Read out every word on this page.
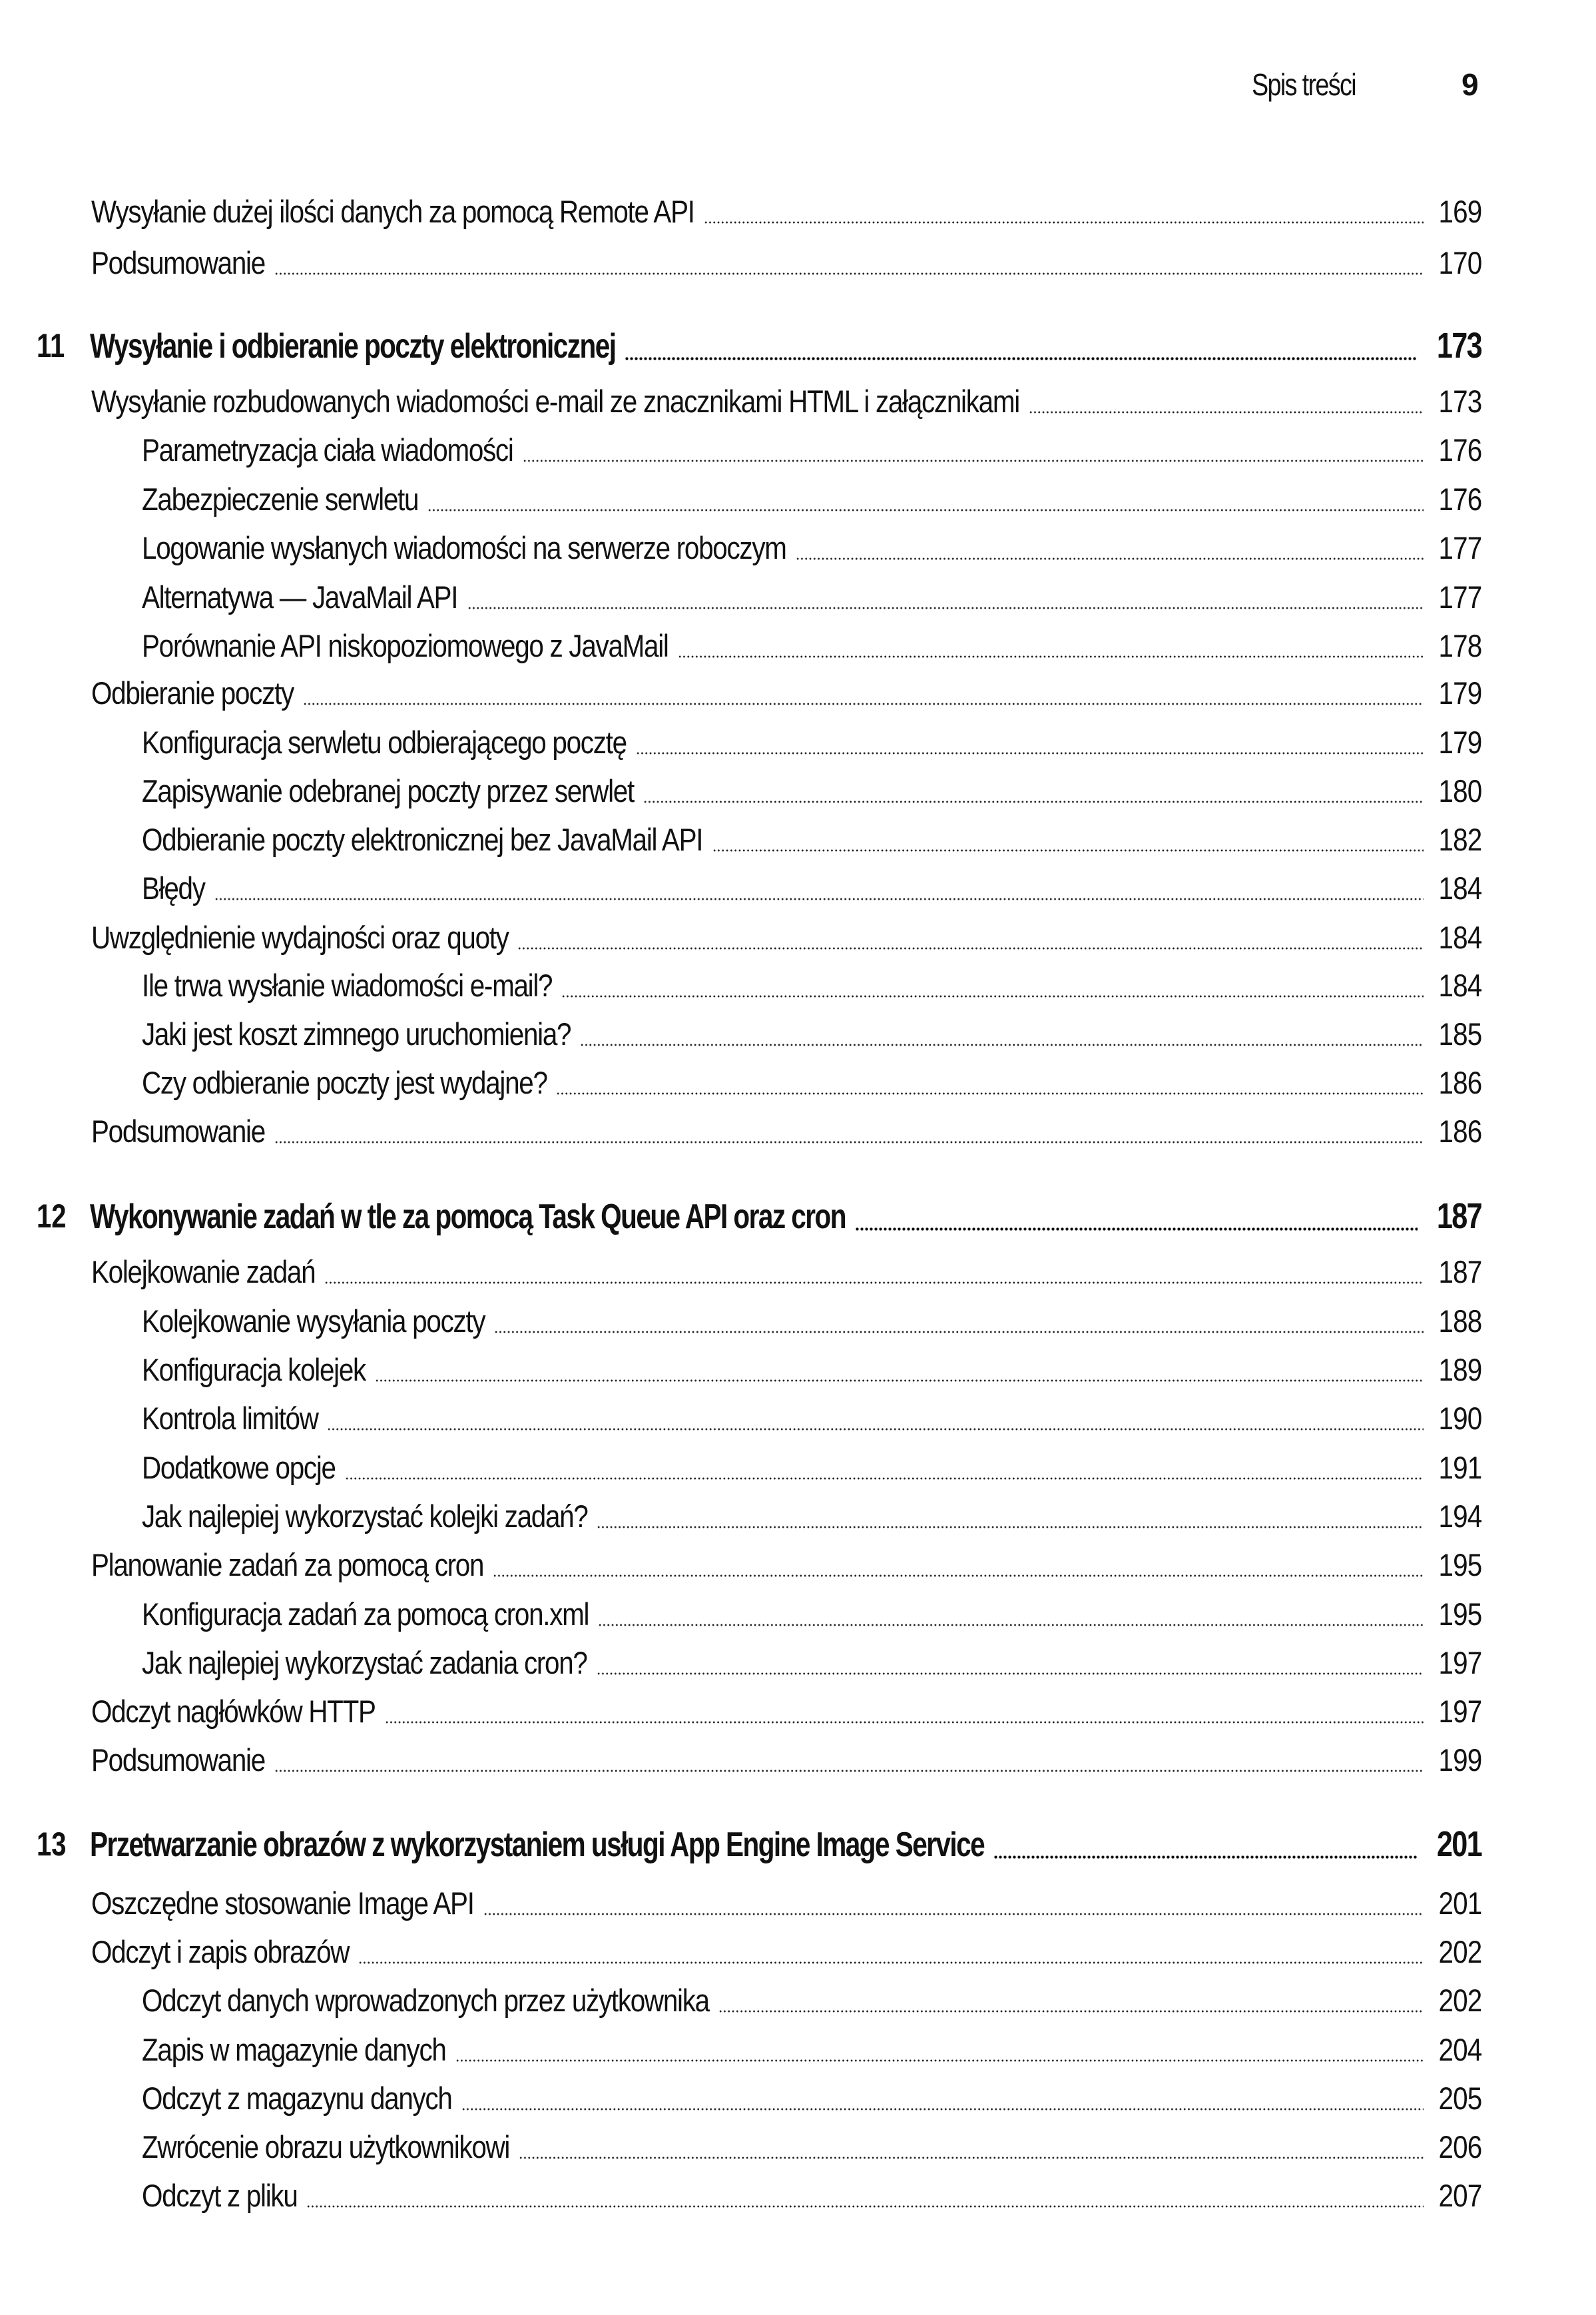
Spis treści	9
Wysyłanie dużej ilości danych za pomocą Remote API	169
Podsumowanie	170
11 Wysyłanie i odbieranie poczty elektronicznej	173
Wysyłanie rozbudowanych wiadomości e-mail ze znacznikami HTML i załącznikami	173
Parametryzacja ciała wiadomości	176
Zabezpieczenie serwletu	176
Logowanie wysłanych wiadomości na serwerze roboczym	177
Alternatywa — JavaMail API	177
Porównanie API niskopoziomowego z JavaMail	178
Odbieranie poczty	179
Konfiguracja serwletu odbierającego pocztę	179
Zapisywanie odebranej poczty przez serwlet	180
Odbieranie poczty elektronicznej bez JavaMail API	182
Błędy	184
Uwzględnienie wydajności oraz quoty	184
Ile trwa wysłanie wiadomości e-mail?	184
Jaki jest koszt zimnego uruchomienia?	185
Czy odbieranie poczty jest wydajne?	186
Podsumowanie	186
12 Wykonywanie zadań w tle za pomocą Task Queue API oraz cron	187
Kolejkowanie zadań	187
Kolejkowanie wysyłania poczty	188
Konfiguracja kolejek	189
Kontrola limitów	190
Dodatkowe opcje	191
Jak najlepiej wykorzystać kolejki zadań?	194
Planowanie zadań za pomocą cron	195
Konfiguracja zadań za pomocą cron.xml	195
Jak najlepiej wykorzystać zadania cron?	197
Odczyt nagłówków HTTP	197
Podsumowanie	199
13 Przetwarzanie obrazów z wykorzystaniem usługi App Engine Image Service	201
Oszczędne stosowanie Image API	201
Odczyt i zapis obrazów	202
Odczyt danych wprowadzonych przez użytkownika	202
Zapis w magazynie danych	204
Odczyt z magazynu danych	205
Zwrócenie obrazu użytkownikowi	206
Odczyt z pliku	207
